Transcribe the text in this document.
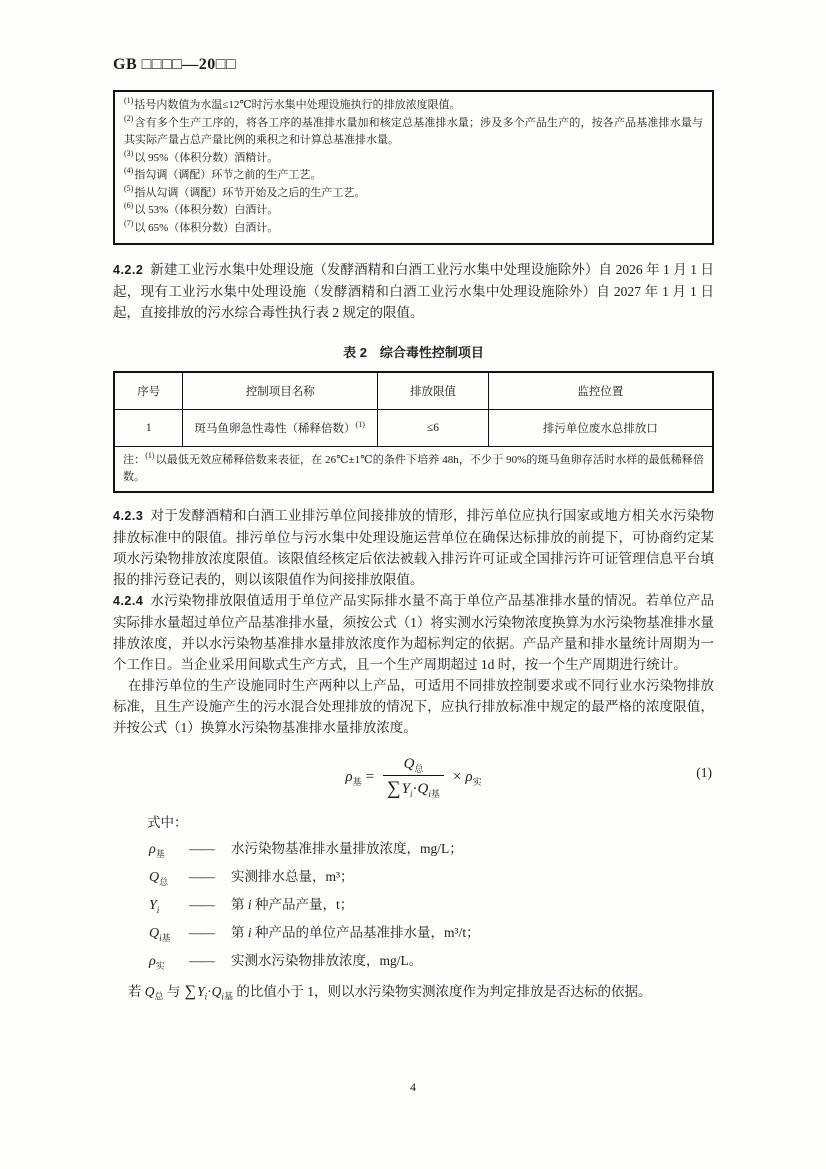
GB □□□□—20□□

$^{(1)}$括号内数值为水温≤12℃时污水集中处理设施执行的排放浓度限值。

$^{(2)}$含有多个生产工序的，将各工序的基准排水量加和核定总基准排水量；涉及多个产品生产的，按各产品基准排水量与其实际产量占总产量比例的乘积之和计算总基准排水量。

$^{(3)}$以 95%（体积分数）酒精计。

$^{(4)}$指勾调（调配）环节之前的生产工艺。

$^{(5)}$指从勾调（调配）环节开始及之后的生产工艺。

$^{(6)}$以 53%（体积分数）白酒计。

$^{(7)}$以 65%（体积分数）白酒计。

4.2.2 新建工业污水集中处理设施（发酵酒精和白酒工业污水集中处理设施除外）自 2026 年 1 月 1 日起，现有工业污水集中处理设施（发酵酒精和白酒工业污水集中处理设施除外）自 2027 年 1 月 1 日起，直接排放的污水综合毒性执行表 2 规定的限值。

表 2　综合毒性控制项目
序号	控制项目名称	排放限值	监控位置
1	斑马鱼卵急性毒性（稀释倍数）$^{(1)}$	≤6	排污单位废水总排放口
注：$^{(1)}$以最低无效应稀释倍数来表征，在 26℃±1℃的条件下培养 48h，不少于 90%的斑马鱼卵存活时水样的最低稀释倍数。			

4.2.3 对于发酵酒精和白酒工业排污单位间接排放的情形，排污单位应执行国家或地方相关水污染物排放标准中的限值。排污单位与污水集中处理设施运营单位在确保达标排放的前提下，可协商约定某项水污染物排放浓度限值。该限值经核定后依法被载入排污许可证或全国排污许可证管理信息平台填报的排污登记表的，则以该限值作为间接排放限值。

4.2.4 水污染物排放限值适用于单位产品实际排水量不高于单位产品基准排水量的情况。若单位产品实际排水量超过单位产品基准排水量，须按公式（1）将实测水污染物浓度换算为水污染物基准排水量排放浓度，并以水污染物基准排水量排放浓度作为超标判定的依据。产品产量和排水量统计周期为一个工作日。当企业采用间歇式生产方式，且一个生产周期超过 1d 时，按一个生产周期进行统计。

在排污单位的生产设施同时生产两种以上产品，可适用不同排放控制要求或不同行业水污染物排放标准，且生产设施产生的污水混合处理排放的情况下，应执行排放标准中规定的最严格的浓度限值，并按公式（1）换算水污染物基准排水量排放浓度。

$\rho_基 = \frac{Q_总}{\sum Y_i\cdot Q_{i基}} \times \rho_实$
(1)

式中：

$\rho_基$	——	水污染物基准排水量排放浓度，mg/L；
$Q_总$	——	实测排水总量，m³；
$Y_i$	——	第 i 种产品产量，t；
$Q_{i基}$	——	第 i 种产品的单位产品基准排水量，m³/t；
$\rho_实$	——	实测水污染物排放浓度，mg/L。

若 $Q_总$ 与 $\sum Y_i\cdot Q_{i基}$ 的比值小于 1，则以水污染物实测浓度作为判定排放是否达标的依据。

4
